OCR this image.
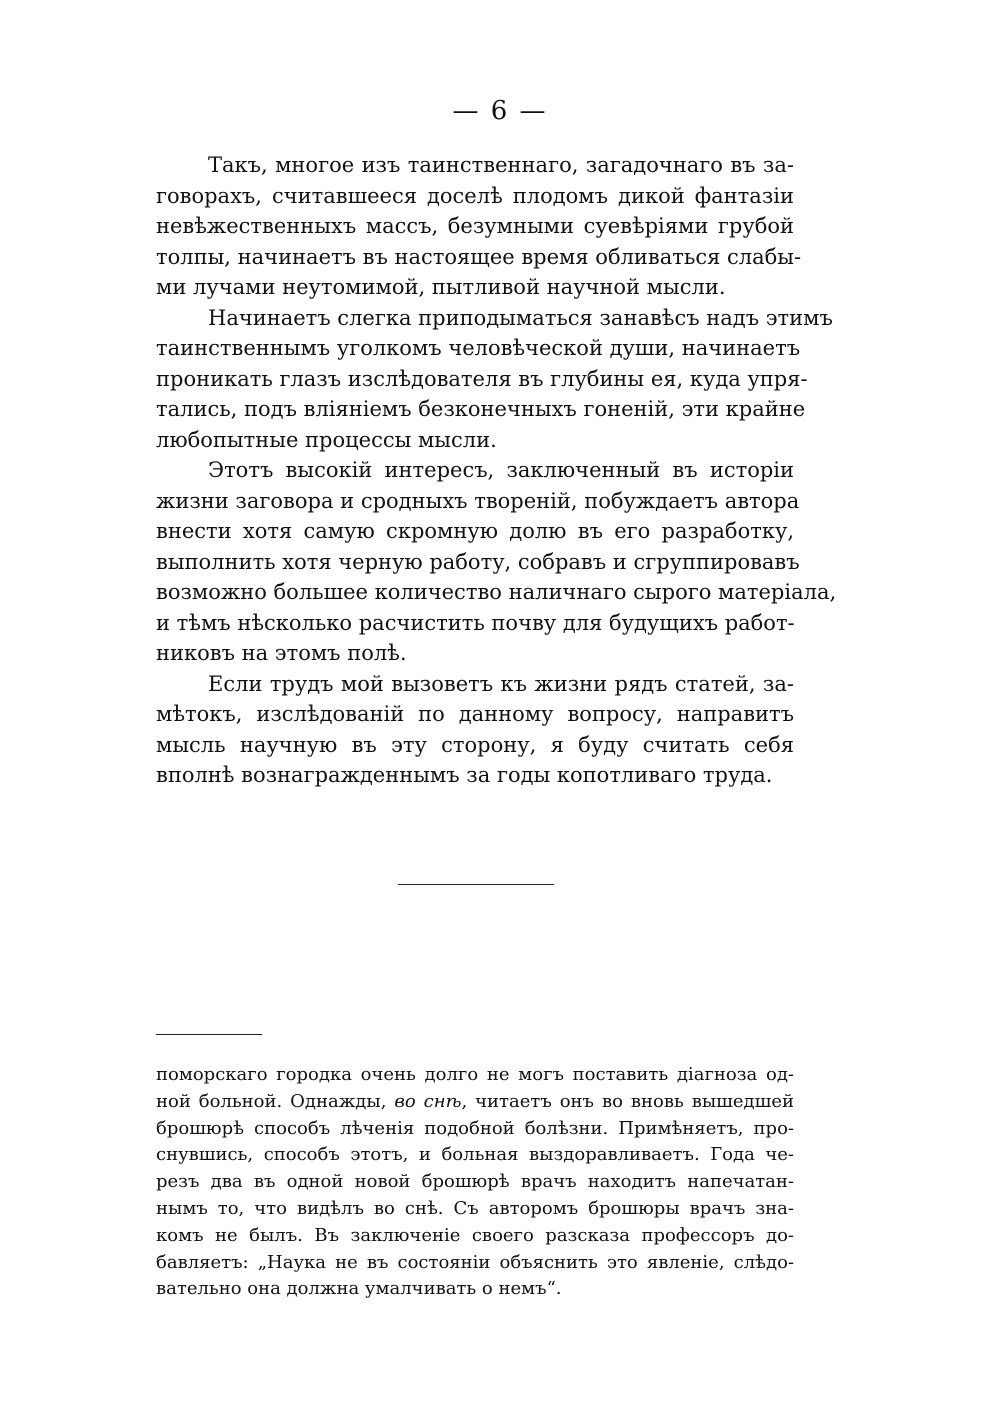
— 6 —
Такъ, многое изъ таинственнаго, загадочнаго въ за-
говорахъ, считавшееся доселѣ плодомъ дикой фантазіи
невѣжественныхъ массъ, безумными суевѣріями грубой
толпы, начинаетъ въ настоящее время обливаться слабы-
ми лучами неутомимой, пытливой научной мысли.
Начинаетъ слегка приподыматься занавѣсъ надъ этимъ
таинственнымъ уголкомъ человѣческой души, начинаетъ
проникать глазъ изслѣдователя въ глубины ея, куда упря-
тались, подъ вліяніемъ безконечныхъ гоненій, эти крайне
любопытные процессы мысли.
Этотъ высокій интересъ, заключенный въ исторіи
жизни заговора и сродныхъ твореній, побуждаетъ автора
внести хотя самую скромную долю въ его разработку,
выполнить хотя черную работу, собравъ и сгруппировавъ
возможно большее количество наличнаго сырого матеріала,
и тѣмъ нѣсколько расчистить почву для будущихъ работ-
никовъ на этомъ полѣ.
Если трудъ мой вызоветъ къ жизни рядъ статей, за-
мѣтокъ, изслѣдованій по данному вопросу, направитъ
мысль научную въ эту сторону, я буду считать себя
вполнѣ вознагражденнымъ за годы копотливаго труда.
поморскаго городка очень долго не могъ поставить діагноза од-
ной больной. Однажды, во снѣ, читаетъ онъ во вновь вышедшей
брошюрѣ способъ лѣченія подобной болѣзни. Примѣняетъ, про-
снувшись, способъ этотъ, и больная выздоравливаетъ. Года че-
резъ два въ одной новой брошюрѣ врачъ находитъ напечатан-
нымъ то, что видѣлъ во снѣ. Съ авторомъ брошюры врачъ зна-
комъ не былъ. Въ заключеніе своего разсказа профессоръ до-
бавляетъ: „Наука не въ состояніи объяснить это явленіе, слѣдо-
вательно она должна умалчивать о немъ“.
